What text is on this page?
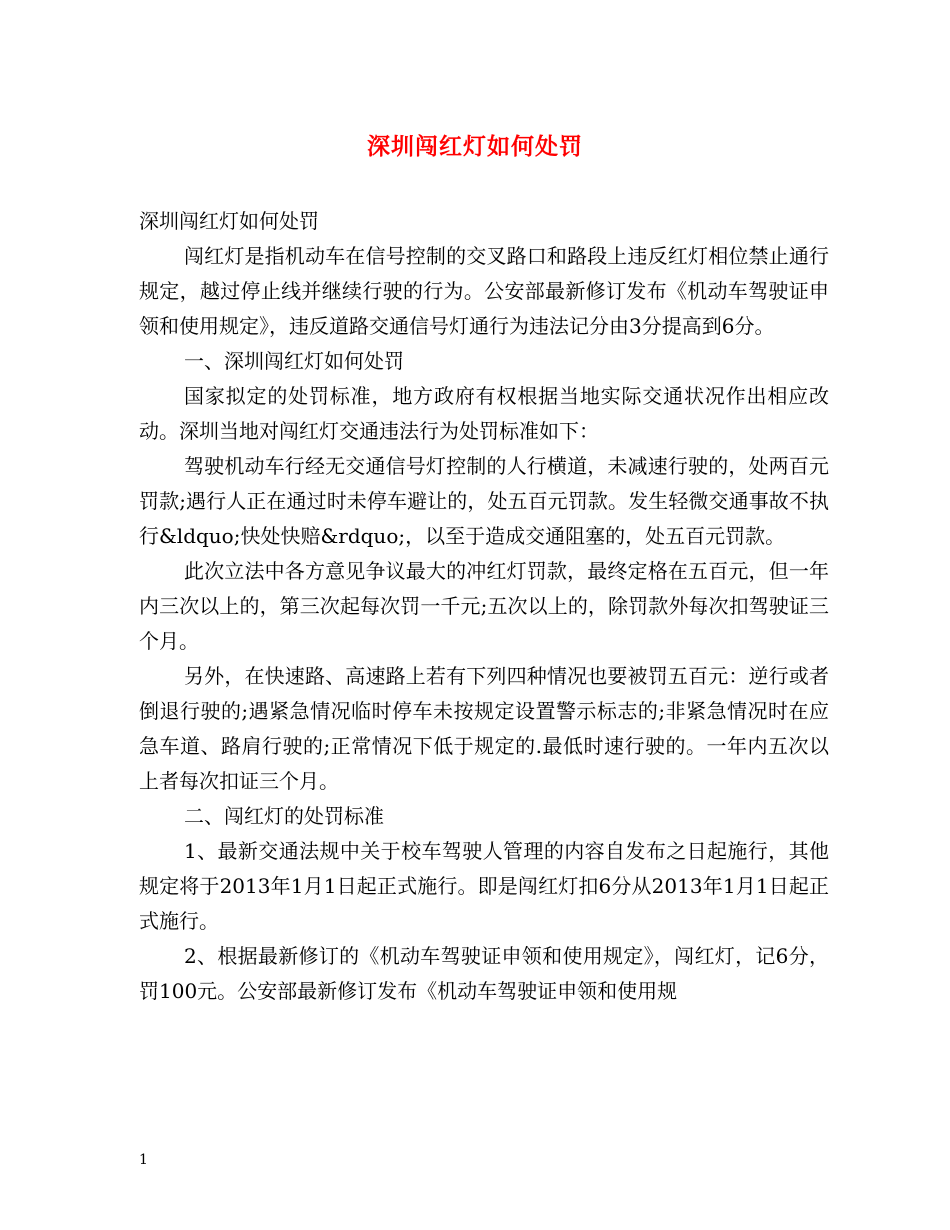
深圳闯红灯如何处罚

深圳闯红灯如何处罚

闯红灯是指机动车在信号控制的交叉路口和路段上违反红灯相位禁止通行规定，越过停止线并继续行驶的行为。公安部最新修订发布《机动车驾驶证申领和使用规定》，违反道路交通信号灯通行为违法记分由3分提高到6分。

一、深圳闯红灯如何处罚

国家拟定的处罚标准，地方政府有权根据当地实际交通状况作出相应改动。深圳当地对闯红灯交通违法行为处罚标准如下：

驾驶机动车行经无交通信号灯控制的人行横道，未减速行驶的，处两百元罚款;遇行人正在通过时未停车避让的，处五百元罚款。发生轻微交通事故不执行&ldquo;快处快赔&rdquo;，以至于造成交通阻塞的，处五百元罚款。

此次立法中各方意见争议最大的冲红灯罚款，最终定格在五百元，但一年内三次以上的，第三次起每次罚一千元;五次以上的，除罚款外每次扣驾驶证三个月。

另外，在快速路、高速路上若有下列四种情况也要被罚五百元：逆行或者倒退行驶的;遇紧急情况临时停车未按规定设置警示标志的;非紧急情况时在应急车道、路肩行驶的;正常情况下低于规定的.最低时速行驶的。一年内五次以上者每次扣证三个月。

二、闯红灯的处罚标准

1、最新交通法规中关于校车驾驶人管理的内容自发布之日起施行，其他规定将于2013年1月1日起正式施行。即是闯红灯扣6分从2013年1月1日起正式施行。

2、根据最新修订的《机动车驾驶证申领和使用规定》，闯红灯，记6分，罚100元。公安部最新修订发布《机动车驾驶证申领和使用规

1
